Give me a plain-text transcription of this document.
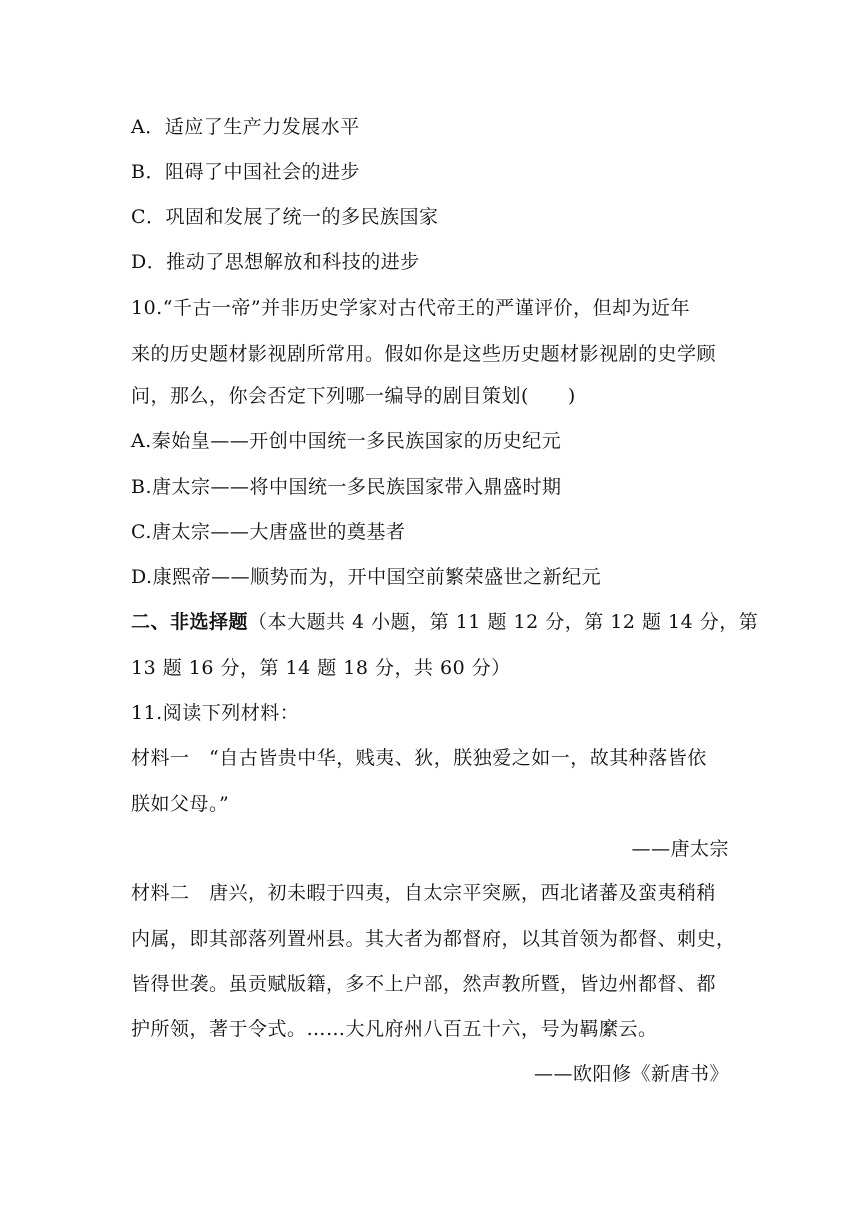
A．适应了生产力发展水平
B．阻碍了中国社会的进步
C．巩固和发展了统一的多民族国家
D．推动了思想解放和科技的进步
10.“千古一帝”并非历史学家对古代帝王的严谨评价，但却为近年
来的历史题材影视剧所常用。假如你是这些历史题材影视剧的史学顾
问，那么，你会否定下列哪一编导的剧目策划(　　)
A.秦始皇——开创中国统一多民族国家的历史纪元
B.唐太宗——将中国统一多民族国家带入鼎盛时期
C.唐太宗——大唐盛世的奠基者
D.康熙帝——顺势而为，开中国空前繁荣盛世之新纪元
二、非选择题（本大题共 4 小题，第 11 题 12 分，第 12 题 14 分，第
13 题 16 分，第 14 题 18 分，共 60 分）
11.阅读下列材料：
材料一　“自古皆贵中华，贱夷、狄，朕独爱之如一，故其种落皆依
朕如父母。”
——唐太宗
材料二　唐兴，初未暇于四夷，自太宗平突厥，西北诸蕃及蛮夷稍稍
内属，即其部落列置州县。其大者为都督府，以其首领为都督、刺史，
皆得世袭。虽贡赋版籍，多不上户部，然声教所暨，皆边州都督、都
护所领，著于令式。……大凡府州八百五十六，号为羁縻云。
——欧阳修《新唐书》
